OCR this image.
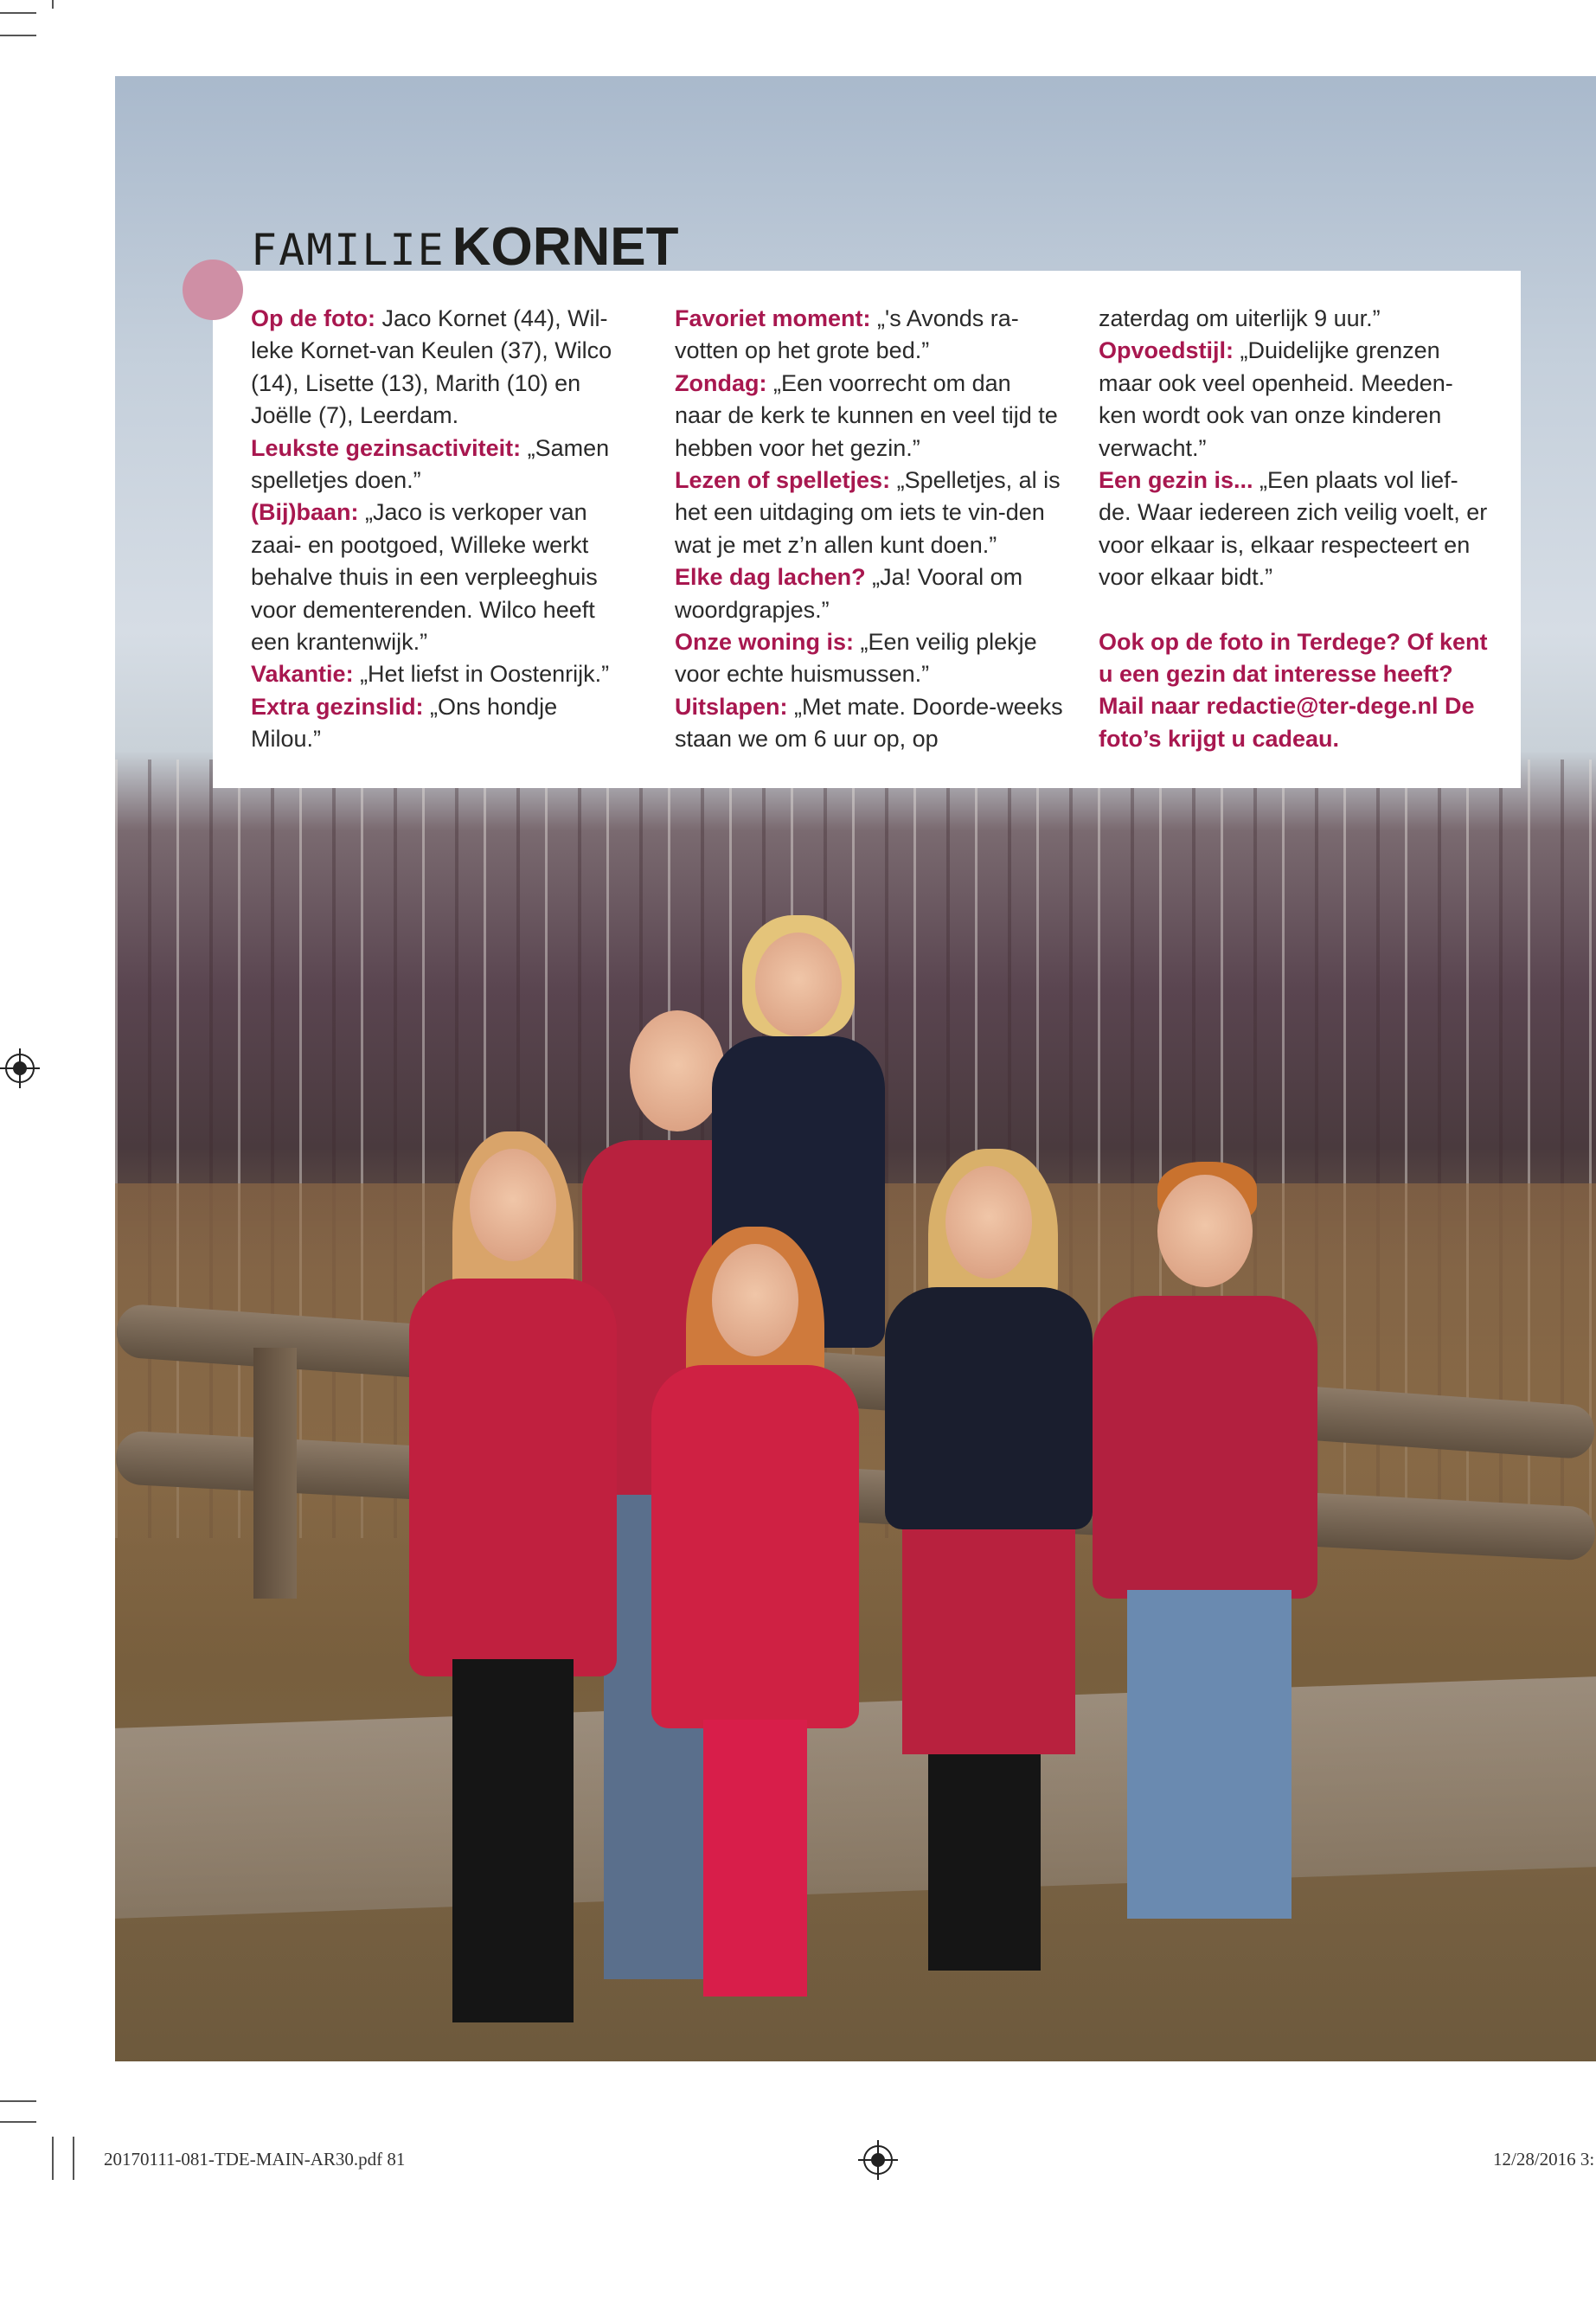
FAMILIE KORNET

Op de foto: Jaco Kornet (44), Wil-leke Kornet-van Keulen (37), Wilco (14), Lisette (13), Marith (10) en Joëlle (7), Leerdam.

Leukste gezinsactiviteit: „Samen spelletjes doen.”

(Bij)baan: „Jaco is verkoper van zaai- en pootgoed, Willeke werkt behalve thuis in een verpleeghuis voor dementerenden. Wilco heeft een krantenwijk.”

Vakantie: „Het liefst in Oostenrijk.”

Extra gezinslid: „Ons hondje Milou.”

Favoriet moment: „'s Avonds ra-votten op het grote bed.”

Zondag: „Een voorrecht om dan naar de kerk te kunnen en veel tijd te hebben voor het gezin.”

Lezen of spelletjes: „Spelletjes, al is het een uitdaging om iets te vin-den wat je met z’n allen kunt doen.”

Elke dag lachen? „Ja! Vooral om woordgrapjes.”

Onze woning is: „Een veilig plekje voor echte huismussen.”

Uitslapen: „Met mate. Doorde-weeks staan we om 6 uur op, op

zaterdag om uiterlijk 9 uur.”

Opvoedstijl: „Duidelijke grenzen maar ook veel openheid. Meeden-ken wordt ook van onze kinderen verwacht.”

Een gezin is... „Een plaats vol lief-de. Waar iedereen zich veilig voelt, er voor elkaar is, elkaar respecteert en voor elkaar bidt.”

Ook op de foto in Terdege? Of kent u een gezin dat interesse heeft? Mail naar redactie@ter-dege.nl De foto’s krijgt u cadeau.

20170111-081-TDE-MAIN-AR30.pdf 81	12/28/2016 3:
